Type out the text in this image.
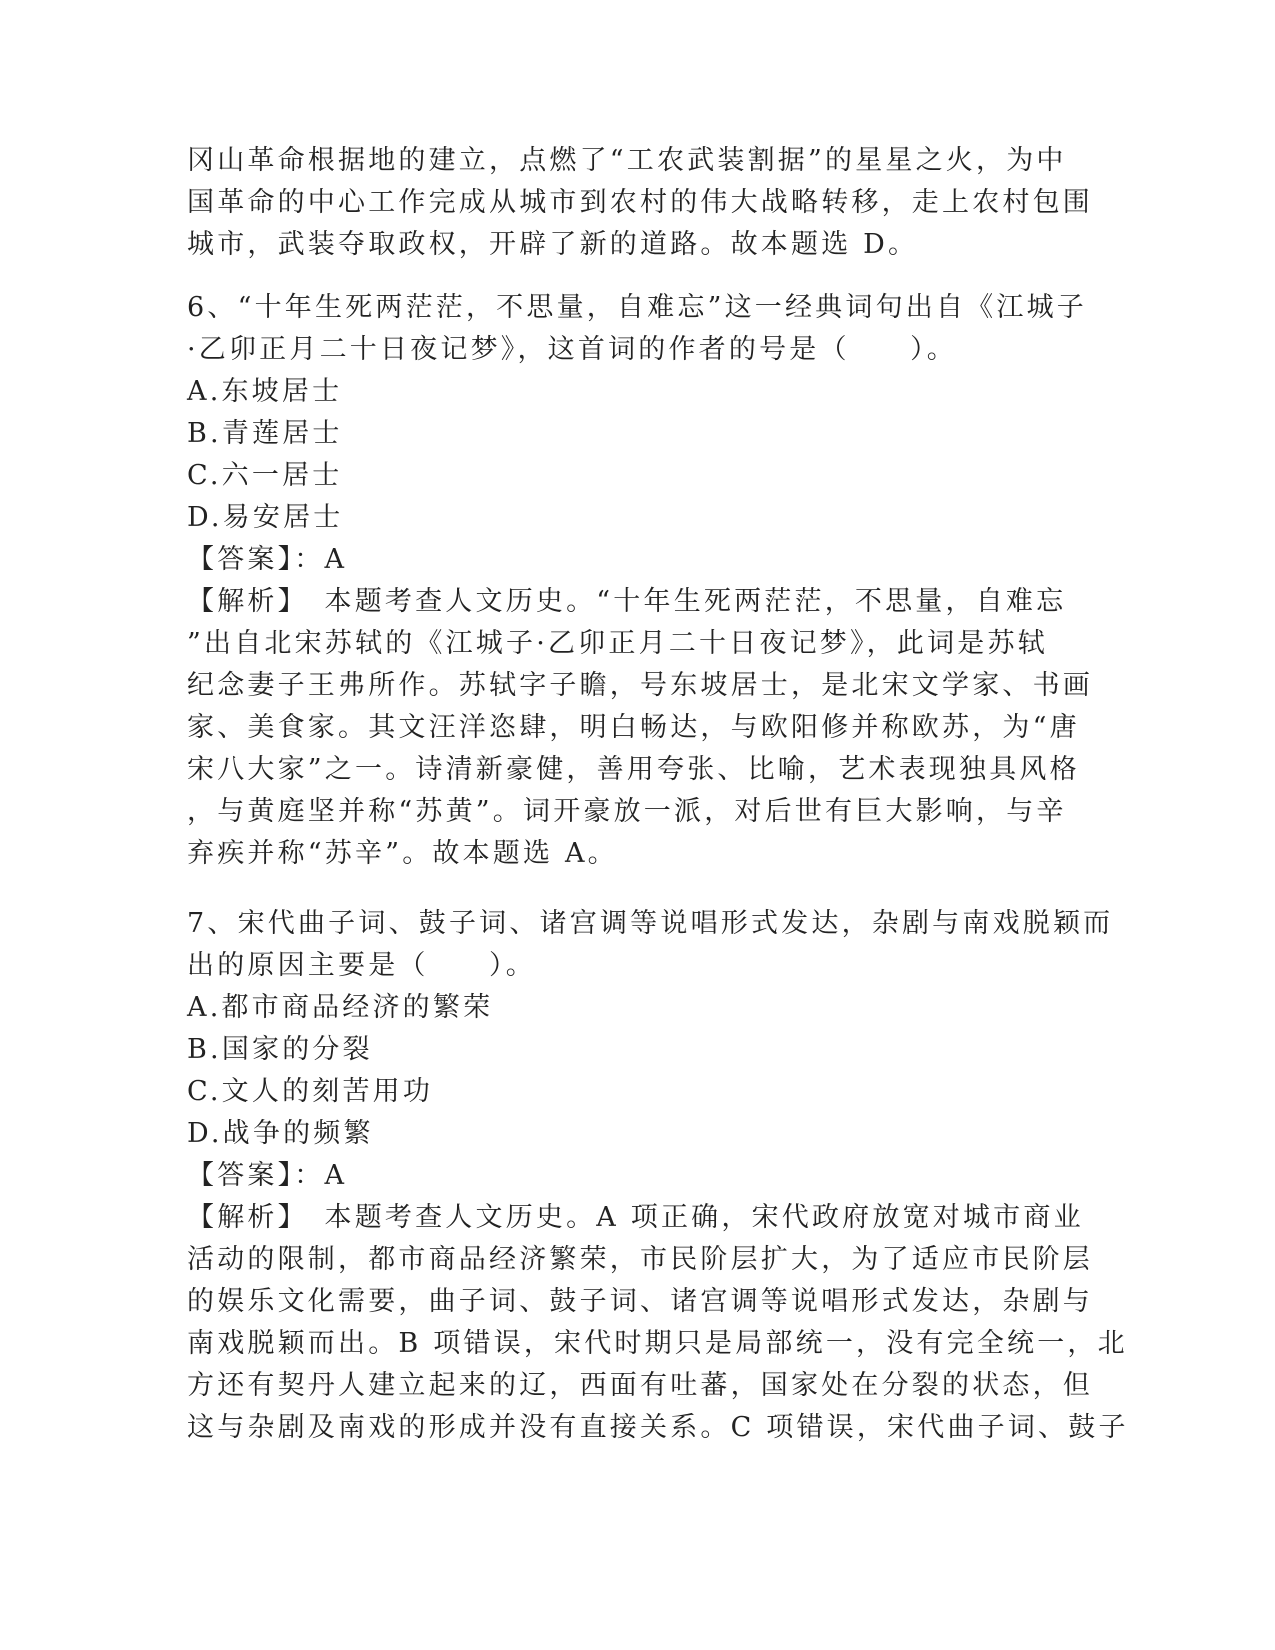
冈山革命根据地的建立，点燃了“工农武装割据”的星星之火，为中
国革命的中心工作完成从城市到农村的伟大战略转移，走上农村包围
城市，武装夺取政权，开辟了新的道路。故本题选 D。
6、“十年生死两茫茫，不思量，自难忘”这一经典词句出自《江城子
·乙卯正月二十日夜记梦》，这首词的作者的号是（　　）。
A.东坡居士
B.青莲居士
C.六一居士
D.易安居士
【答案】：A
【解析】　本题考查人文历史。“十年生死两茫茫，不思量，自难忘
”出自北宋苏轼的《江城子·乙卯正月二十日夜记梦》，此词是苏轼
纪念妻子王弗所作。苏轼字子瞻，号东坡居士，是北宋文学家、书画
家、美食家。其文汪洋恣肆，明白畅达，与欧阳修并称欧苏，为“唐
宋八大家”之一。诗清新豪健，善用夸张、比喻，艺术表现独具风格
，与黄庭坚并称“苏黄”。词开豪放一派，对后世有巨大影响，与辛
弃疾并称“苏辛”。故本题选 A。
7、宋代曲子词、鼓子词、诸宫调等说唱形式发达，杂剧与南戏脱颖而
出的原因主要是（　　）。
A.都市商品经济的繁荣
B.国家的分裂
C.文人的刻苦用功
D.战争的频繁
【答案】：A
【解析】　本题考查人文历史。A 项正确，宋代政府放宽对城市商业
活动的限制，都市商品经济繁荣，市民阶层扩大，为了适应市民阶层
的娱乐文化需要，曲子词、鼓子词、诸宫调等说唱形式发达，杂剧与
南戏脱颖而出。B 项错误，宋代时期只是局部统一，没有完全统一，北
方还有契丹人建立起来的辽，西面有吐蕃，国家处在分裂的状态，但
这与杂剧及南戏的形成并没有直接关系。C 项错误，宋代曲子词、鼓子
